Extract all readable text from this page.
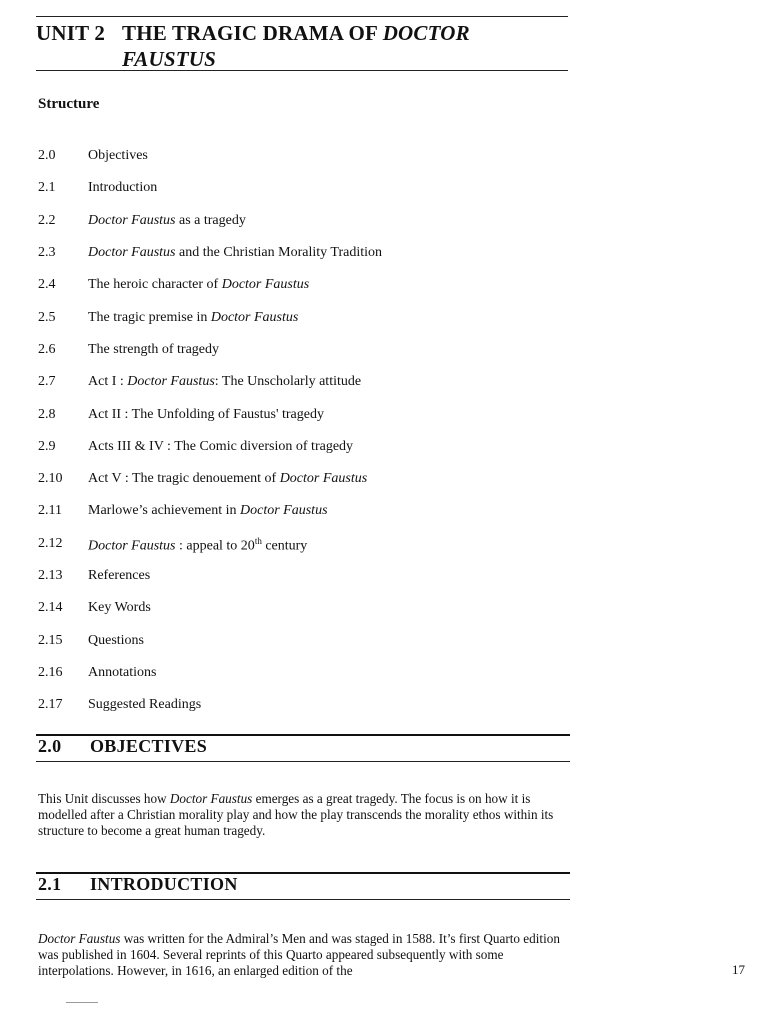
UNIT 2 THE TRAGIC DRAMA OF DOCTOR
FAUSTUS
Structure
2.0	Objectives
2.1	Introduction
2.2	Doctor Faustus as a tragedy
2.3	Doctor Faustus and the Christian Morality Tradition
2.4	The heroic character of Doctor Faustus
2.5	The tragic premise in Doctor Faustus
2.6	The strength of tragedy
2.7	Act I : Doctor Faustus: The Unscholarly attitude
2.8	Act II : The Unfolding of Faustus' tragedy
2.9	Acts III & IV : The Comic diversion of tragedy
2.10	Act V : The tragic denouement of Doctor Faustus
2.11	Marlowe’s achievement in Doctor Faustus
2.12	Doctor Faustus : appeal to 20th century
2.13	References
2.14	Key Words
2.15	Questions
2.16	Annotations
2.17	Suggested Readings
2.0 OBJECTIVES

This Unit discusses how Doctor Faustus emerges as a great tragedy. The focus is on how it is modelled after a Christian morality play and how the play transcends the morality ethos within its structure to become a great human tragedy.

2.1 INTRODUCTION

Doctor Faustus was written for the Admiral’s Men and was staged in 1588. It’s first Quarto edition was published in 1604. Several reprints of this Quarto appeared subsequently with some interpolations. However, in 1616, an enlarged edition of the	17
